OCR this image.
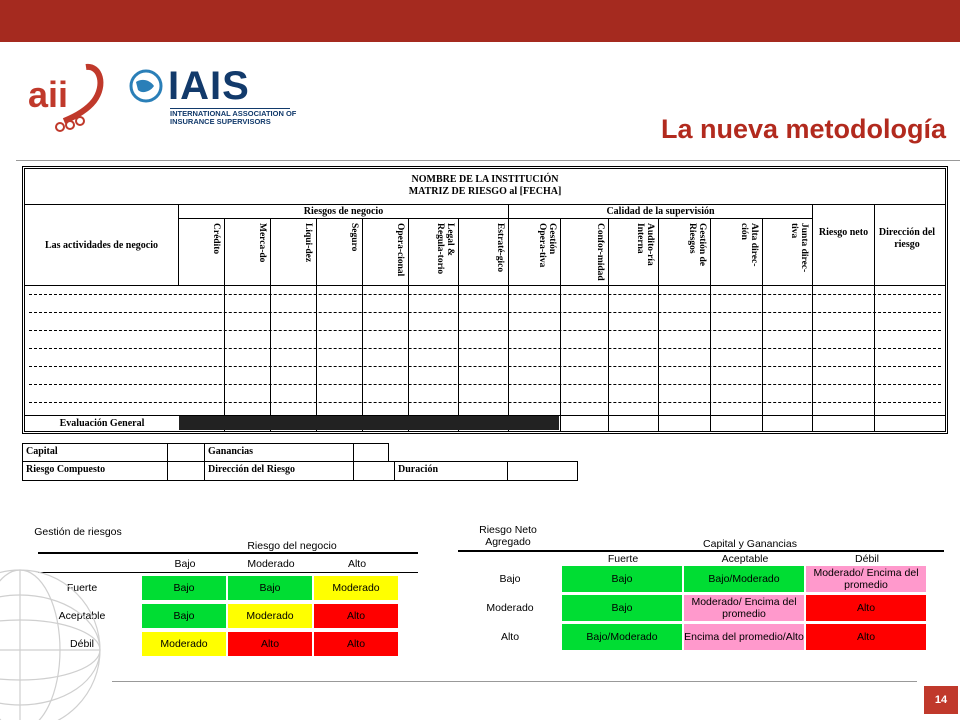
aii IAIS
INTERNATIONAL ASSOCIATION OF
INSURANCE SUPERVISORS	La nueva metodología
NOMBRE DE LA INSTITUCIÓN
MATRIZ DE RIESGO al [FECHA]
Las actividades de negocio
Riesgos de negocio	Calidad de la supervisión
Crédito	Merca-do	Liqui-dez	Seguro	Opera-cional	Legal & Regula-torio	Estraté-gico	Gestión Opera-tiva	Confor-midad	Audito-ría Interna	Gestión de Riesgos	Alta direc-ción	Junta direc-tiva	Riesgo neto	Dirección del riesgo
Evaluación General
Capital	Ganancias
Riesgo Compuesto	Dirección del Riesgo	Duración
Gestión de riesgos
Riesgo del negocio
Bajo	Moderado	Alto
Fuerte	Bajo	Bajo	Moderado
Aceptable	Bajo	Moderado	Alto
Débil	Moderado	Alto	Alto
Riesgo Neto Agregado	Capital y Ganancias
Fuerte	Aceptable	Débil
Bajo	Bajo	Bajo/Moderado	Moderado/ Encima del promedio
Moderado	Bajo	Moderado/ Encima del promedio	Alto
Alto	Bajo/Moderado	Encima del promedio/Alto	Alto
14
